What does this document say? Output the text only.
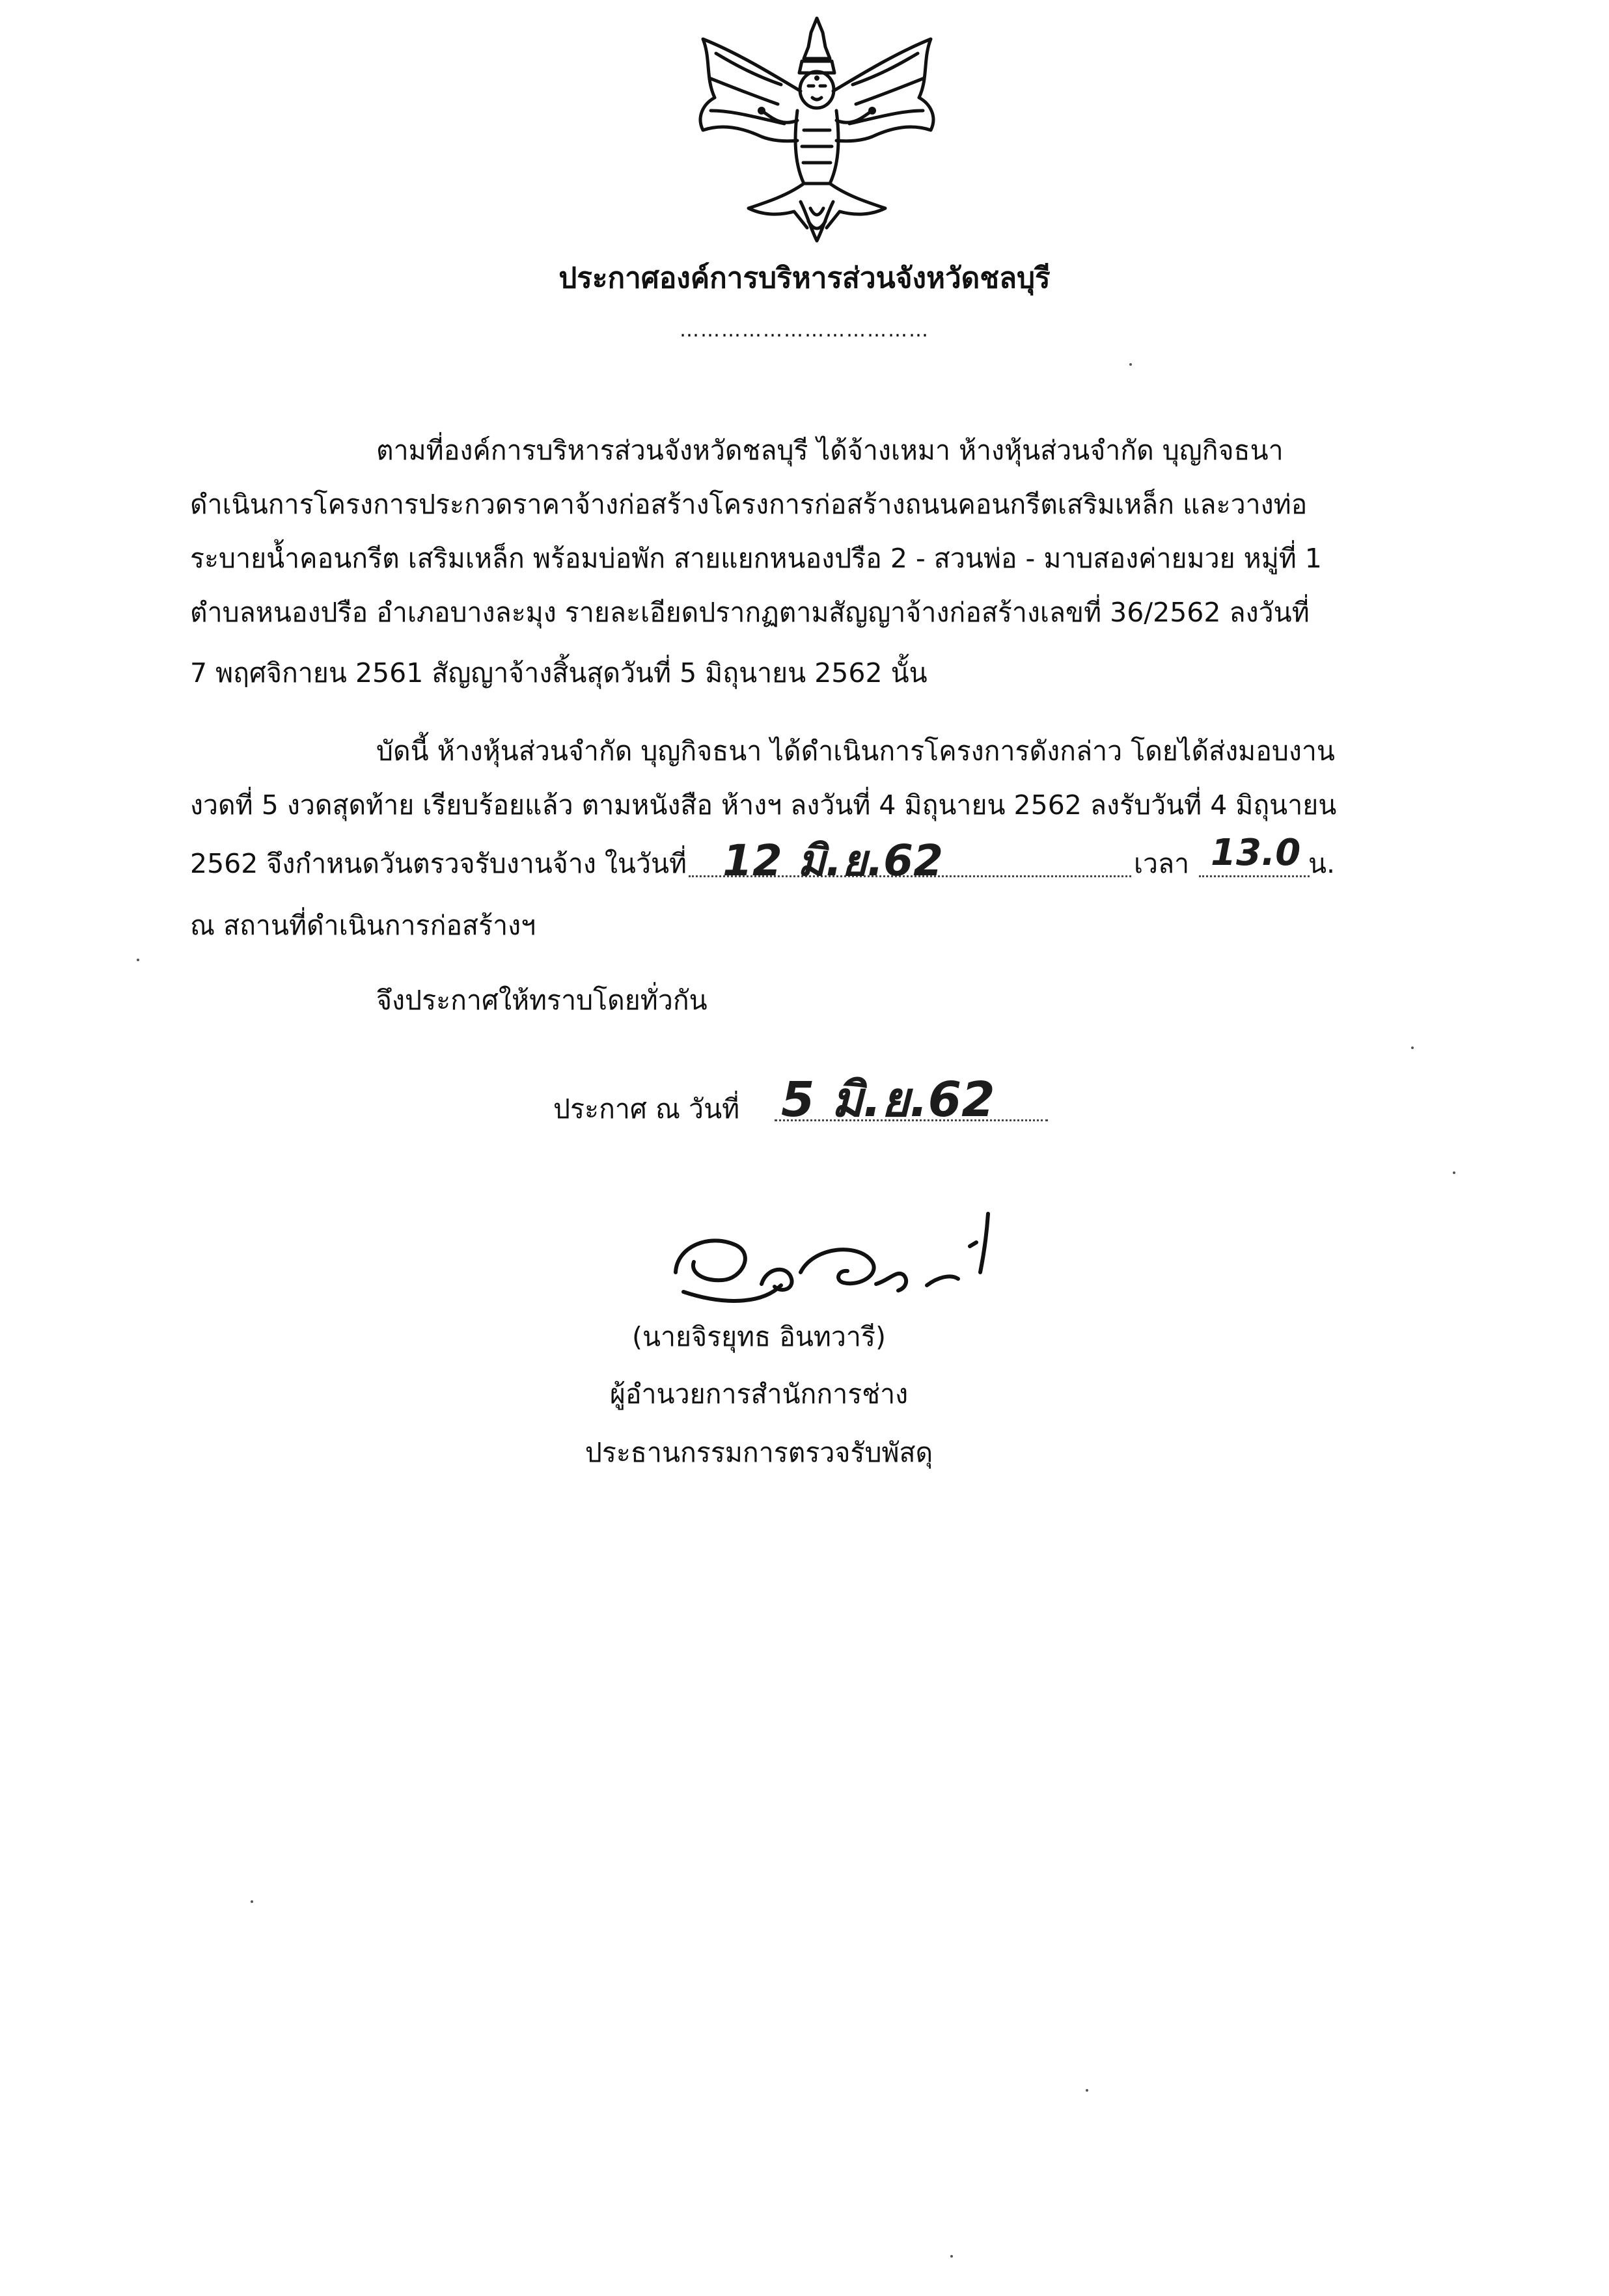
ประกาศองค์การบริหารส่วนจังหวัดชลบุรี
………………………………
ตามที่องค์การบริหารส่วนจังหวัดชลบุรี ได้จ้างเหมา ห้างหุ้นส่วนจำกัด บุญกิจธนา
ดำเนินการโครงการประกวดราคาจ้างก่อสร้างโครงการก่อสร้างถนนคอนกรีตเสริมเหล็ก และวางท่อ
ระบายน้ำคอนกรีต เสริมเหล็ก พร้อมบ่อพัก สายแยกหนองปรือ 2 - สวนพ่อ - มาบสองค่ายมวย หมู่ที่ 1
ตำบลหนองปรือ อำเภอบางละมุง รายละเอียดปรากฏตามสัญญาจ้างก่อสร้างเลขที่ 36/2562 ลงวันที่
7 พฤศจิกายน 2561 สัญญาจ้างสิ้นสุดวันที่ 5 มิถุนายน 2562 นั้น
บัดนี้ ห้างหุ้นส่วนจำกัด บุญกิจธนา ได้ดำเนินการโครงการดังกล่าว โดยได้ส่งมอบงาน
งวดที่ 5 งวดสุดท้าย เรียบร้อยแล้ว ตามหนังสือ ห้างฯ ลงวันที่ 4 มิถุนายน 2562 ลงรับวันที่ 4 มิถุนายน
2562 จึงกำหนดวันตรวจรับงานจ้าง ในวันที่ 12 มิ.ย.62	เวลา 13.0 น.
ณ สถานที่ดำเนินการก่อสร้างฯ
จึงประกาศให้ทราบโดยทั่วกัน
ประกาศ ณ วันที่ 5 มิ.ย.62
(นายจิรยุทธ อินทวารี)
ผู้อำนวยการสำนักการช่าง
ประธานกรรมการตรวจรับพัสดุ
